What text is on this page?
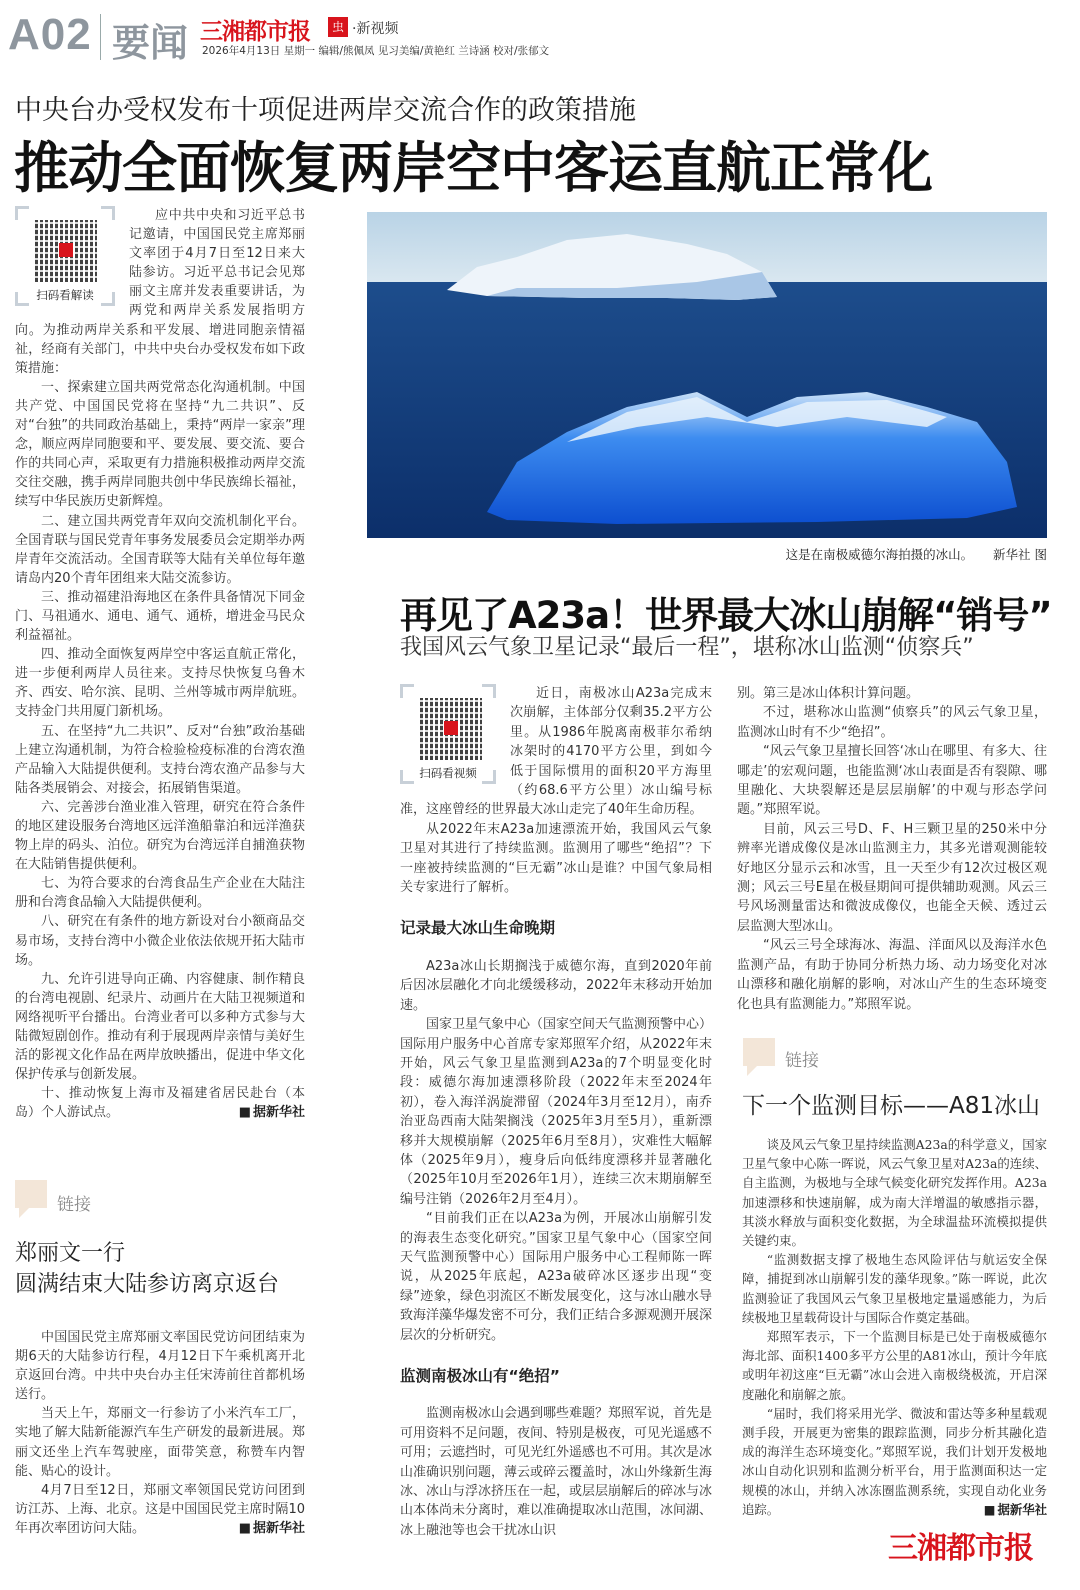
A02 要闻 三湘都市报	虫 ·新视频
2026年4月13日 星期一 编辑/熊佩凤 见习美编/黄艳红 兰诗涵 校对/张郁文
中央台办受权发布十项促进两岸交流合作的政策措施
推动全面恢复两岸空中客运直航正常化
扫码看解读

应中共中央和习近平总书记邀请，中国国民党主席郑丽文率团于4月7日至12日来大陆参访。习近平总书记会见郑丽文主席并发表重要讲话，为两党和两岸关系发展指明方向。为推动两岸关系和平发展、增进同胞亲情福祉，经商有关部门，中共中央台办受权发布如下政策措施：

一、探索建立国共两党常态化沟通机制。中国共产党、中国国民党将在坚持“九二共识”、反对“台独”的共同政治基础上，秉持“两岸一家亲”理念，顺应两岸同胞要和平、要发展、要交流、要合作的共同心声，采取更有力措施积极推动两岸交流交往交融，携手两岸同胞共创中华民族绵长福祉，续写中华民族历史新辉煌。

二、建立国共两党青年双向交流机制化平台。全国青联与国民党青年事务发展委员会定期举办两岸青年交流活动。全国青联等大陆有关单位每年邀请岛内20个青年团组来大陆交流参访。

三、推动福建沿海地区在条件具备情况下同金门、马祖通水、通电、通气、通桥，增进金马民众利益福祉。

四、推动全面恢复两岸空中客运直航正常化，进一步便利两岸人员往来。支持尽快恢复乌鲁木齐、西安、哈尔滨、昆明、兰州等城市两岸航班。支持金门共用厦门新机场。

五、在坚持“九二共识”、反对“台独”政治基础上建立沟通机制，为符合检验检疫标准的台湾农渔产品输入大陆提供便利。支持台湾农渔产品参与大陆各类展销会、对接会，拓展销售渠道。

六、完善涉台渔业准入管理，研究在符合条件的地区建设服务台湾地区远洋渔船靠泊和远洋渔获物上岸的码头、泊位。研究为台湾远洋自捕渔获物在大陆销售提供便利。

七、为符合要求的台湾食品生产企业在大陆注册和台湾食品输入大陆提供便利。

八、研究在有条件的地方新设对台小额商品交易市场，支持台湾中小微企业依法依规开拓大陆市场。

九、允许引进导向正确、内容健康、制作精良的台湾电视剧、纪录片、动画片在大陆卫视频道和网络视听平台播出。台湾业者可以多种方式参与大陆微短剧创作。推动有利于展现两岸亲情与美好生活的影视文化作品在两岸放映播出，促进中华文化保护传承与创新发展。

十、推动恢复上海市及福建省居民赴台（本岛）个人游试点。	■ 据新华社

链接
郑丽文一行
圆满结束大陆参访离京返台

中国国民党主席郑丽文率国民党访问团结束为期6天的大陆参访行程，4月12日下午乘机离开北京返回台湾。中共中央台办主任宋涛前往首都机场送行。

当天上午，郑丽文一行参访了小米汽车工厂，实地了解大陆新能源汽车生产研发的最新进展。郑丽文还坐上汽车驾驶座，面带笑意，称赞车内智能、贴心的设计。

4月7日至12日，郑丽文率领国民党访问团到访江苏、上海、北京。这是中国国民党主席时隔10年再次率团访问大陆。	■ 据新华社

这是在南极威德尔海拍摄的冰山。 新华社 图
再见了A23a！世界最大冰山崩解“销号”
我国风云气象卫星记录“最后一程”，堪称冰山监测“侦察兵”
扫码看视频

近日，南极冰山A23a完成末次崩解，主体部分仅剩35.2平方公里。从1986年脱离南极菲尔希纳冰架时的4170平方公里，到如今低于国际惯用的面积20平方海里（约68.6平方公里）冰山编号标准，这座曾经的世界最大冰山走完了40年生命历程。

从2022年末A23a加速漂流开始，我国风云气象卫星对其进行了持续监测。监测用了哪些“绝招”？下一座被持续监测的“巨无霸”冰山是谁？中国气象局相关专家进行了解析。

记录最大冰山生命晚期

A23a冰山长期搁浅于威德尔海，直到2020年前后因冰层融化才向北缓缓移动，2022年末移动开始加速。

国家卫星气象中心（国家空间天气监测预警中心）国际用户服务中心首席专家郑照军介绍，从2022年末开始，风云气象卫星监测到A23a的7个明显变化时段：威德尔海加速漂移阶段（2022年末至2024年初），卷入海洋涡旋滞留（2024年3月至12月），南乔治亚岛西南大陆架搁浅（2025年3月至5月），重新漂移并大规模崩解（2025年6月至8月），灾难性大幅解体（2025年9月），瘦身后向低纬度漂移并显著融化（2025年10月至2026年1月），连续三次末期崩解至编号注销（2026年2月至4月）。

“目前我们正在以A23a为例，开展冰山崩解引发的海表生态变化研究。”国家卫星气象中心（国家空间天气监测预警中心）国际用户服务中心工程师陈一晖说，从2025年底起，A23a破碎冰区逐步出现“变绿”迹象，绿色羽流区不断发展变化，这与冰山融水导致海洋藻华爆发密不可分，我们正结合多源观测开展深层次的分析研究。

监测南极冰山有“绝招”

监测南极冰山会遇到哪些难题？郑照军说，首先是可用资料不足问题，夜间、特别是极夜，可见光遥感不可用；云遮挡时，可见光红外遥感也不可用。其次是冰山准确识别问题，薄云或碎云覆盖时，冰山外缘新生海冰、冰山与浮冰挤压在一起，或层层崩解后的碎冰与冰山本体尚未分离时，难以准确提取冰山范围，冰间湖、冰上融池等也会干扰冰山识

别。第三是冰山体积计算问题。

不过，堪称冰山监测“侦察兵”的风云气象卫星，监测冰山时有不少“绝招”。

“风云气象卫星擅长回答‘冰山在哪里、有多大、往哪走’的宏观问题，也能监测‘冰山表面是否有裂隙、哪里融化、大块裂解还是层层崩解’的中观与形态学问题。”郑照军说。

目前，风云三号D、F、H三颗卫星的250米中分辨率光谱成像仪是冰山监测主力，其多光谱观测能较好地区分显示云和冰雪，且一天至少有12次过极区观测；风云三号E星在极昼期间可提供辅助观测。风云三号风场测量雷达和微波成像仪，也能全天候、透过云层监测大型冰山。

“风云三号全球海冰、海温、洋面风以及海洋水色监测产品，有助于协同分析热力场、动力场变化对冰山漂移和融化崩解的影响，对冰山产生的生态环境变化也具有监测能力。”郑照军说。

链接
下一个监测目标——A81冰山

谈及风云气象卫星持续监测A23a的科学意义，国家卫星气象中心陈一晖说，风云气象卫星对A23a的连续、自主监测，为极地与全球气候变化研究发挥作用。A23a加速漂移和快速崩解，成为南大洋增温的敏感指示器，其淡水释放与面积变化数据，为全球温盐环流模拟提供关键约束。

“监测数据支撑了极地生态风险评估与航运安全保障，捕捉到冰山崩解引发的藻华现象。”陈一晖说，此次监测验证了我国风云气象卫星极地定量遥感能力，为后续极地卫星载荷设计与国际合作奠定基础。

郑照军表示，下一个监测目标是已处于南极威德尔海北部、面积1400多平方公里的A81冰山，预计今年底或明年初这座“巨无霸”冰山会进入南极绕极流，开启深度融化和崩解之旅。

“届时，我们将采用光学、微波和雷达等多种星载观测手段，开展更为密集的跟踪监测，同步分析其融化造成的海洋生态环境变化。”郑照军说，我们计划开发极地冰山自动化识别和监测分析平台，用于监测面积达一定规模的冰山，并纳入冰冻圈监测系统，实现自动化业务追踪。	■ 据新华社

三湘都市报
